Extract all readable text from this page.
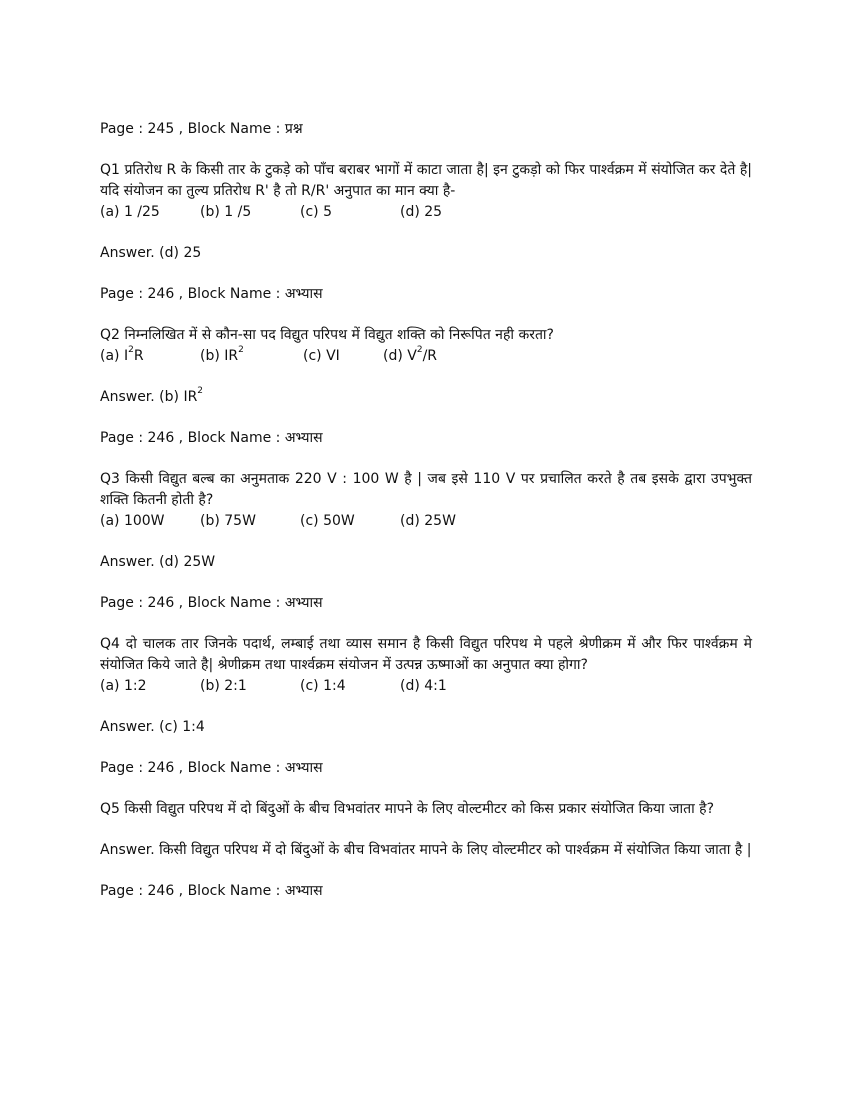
Page : 245 , Block Name : प्रश्न
Q1 प्रतिरोध R के किसी तार के टुकड़े को पाँच बराबर भागों में काटा जाता है| इन टुकड़ो को फिर पार्श्वक्रम में संयोजित कर देते है| यदि संयोजन का तुल्य प्रतिरोध R' है तो R/R' अनुपात का मान क्या है-
(a) 1 /25	(b) 1 /5	(c) 5	(d) 25
Answer. (d) 25
Page : 246 , Block Name : अभ्यास
Q2 निम्नलिखित में से कौन-सा पद विद्युत परिपथ में विद्युत शक्ति को निरूपित नही करता?
(a) $I^2R$	(b) $IR^2$	(c) VI	(d) $V^2/R$
Answer. (b) $IR^2$
Page : 246 , Block Name : अभ्यास
Q3 किसी विद्युत बल्ब का अनुमताक 220 V : 100 W है | जब इसे 110 V पर प्रचालित करते है तब इसके द्वारा उपभुक्त शक्ति कितनी होती है?
(a) 100W	(b) 75W	(c) 50W	(d) 25W
Answer. (d) 25W
Page : 246 , Block Name : अभ्यास
Q4 दो चालक तार जिनके पदार्थ, लम्बाई तथा व्यास समान है किसी विद्युत परिपथ मे पहले श्रेणीक्रम में और फिर पार्श्वक्रम मे संयोजित किये जाते है| श्रेणीक्रम तथा पार्श्वक्रम संयोजन में उत्पन्न ऊष्माओं का अनुपात क्या होगा?
(a) 1:2	(b) 2:1	(c) 1:4	(d) 4:1
Answer. (c) 1:4
Page : 246 , Block Name : अभ्यास
Q5 किसी विद्युत परिपथ में दो बिंदुओं के बीच विभवांतर मापने के लिए वोल्टमीटर को किस प्रकार संयोजित किया जाता है?
Answer. किसी विद्युत परिपथ में दो बिंदुओं के बीच विभवांतर मापने के लिए वोल्टमीटर को पार्श्वक्रम में संयोजित किया जाता है |
Page : 246 , Block Name : अभ्यास
